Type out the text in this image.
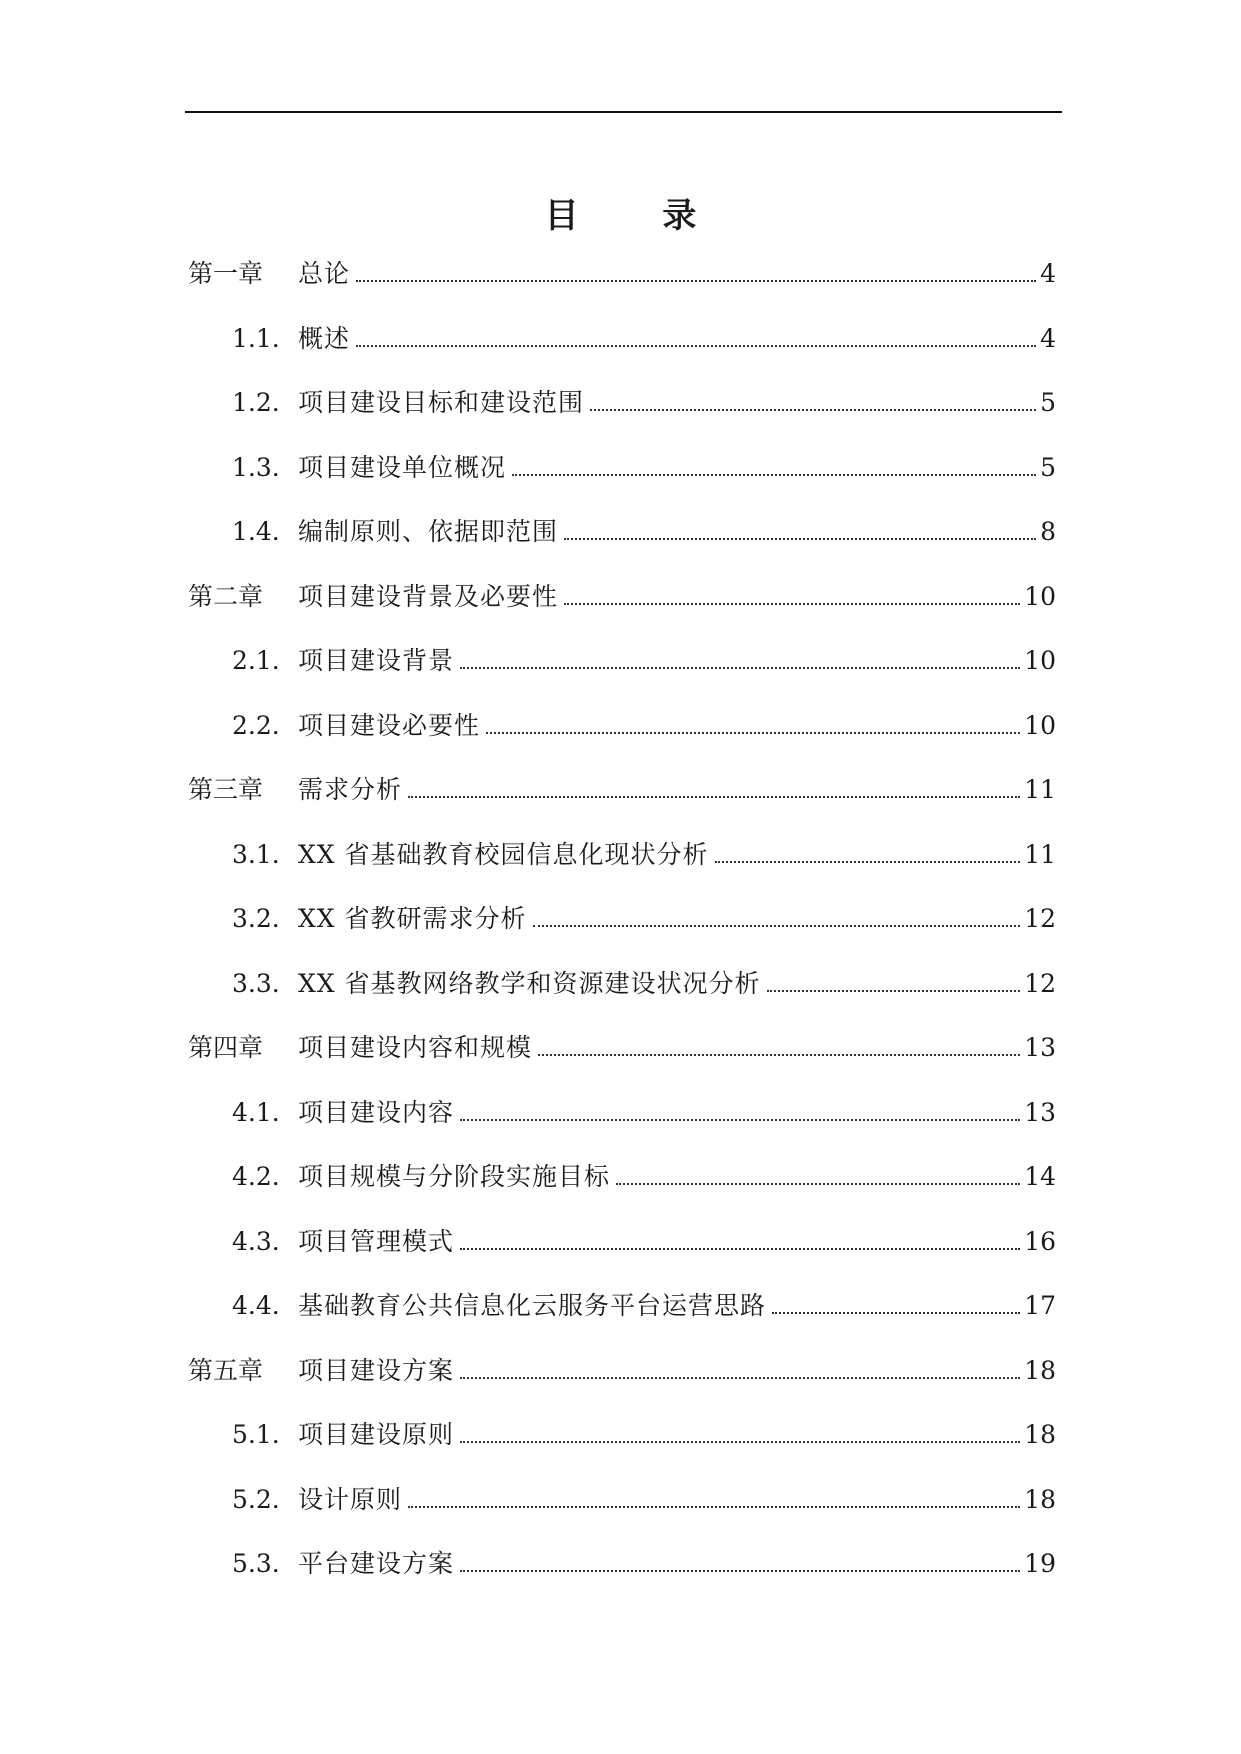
目 录
第一章	总论	4
1.1. 概述	4
1.2. 项目建设目标和建设范围	5
1.3. 项目建设单位概况	5
1.4. 编制原则、依据即范围	8
第二章	项目建设背景及必要性	10
2.1. 项目建设背景	10
2.2. 项目建设必要性	10
第三章	需求分析	11
3.1. XX 省基础教育校园信息化现状分析	11
3.2. XX 省教研需求分析	12
3.3. XX 省基教网络教学和资源建设状况分析	12
第四章	项目建设内容和规模	13
4.1. 项目建设内容	13
4.2. 项目规模与分阶段实施目标	14
4.3. 项目管理模式	16
4.4. 基础教育公共信息化云服务平台运营思路	17
第五章	项目建设方案	18
5.1. 项目建设原则	18
5.2. 设计原则	18
5.3. 平台建设方案	19
